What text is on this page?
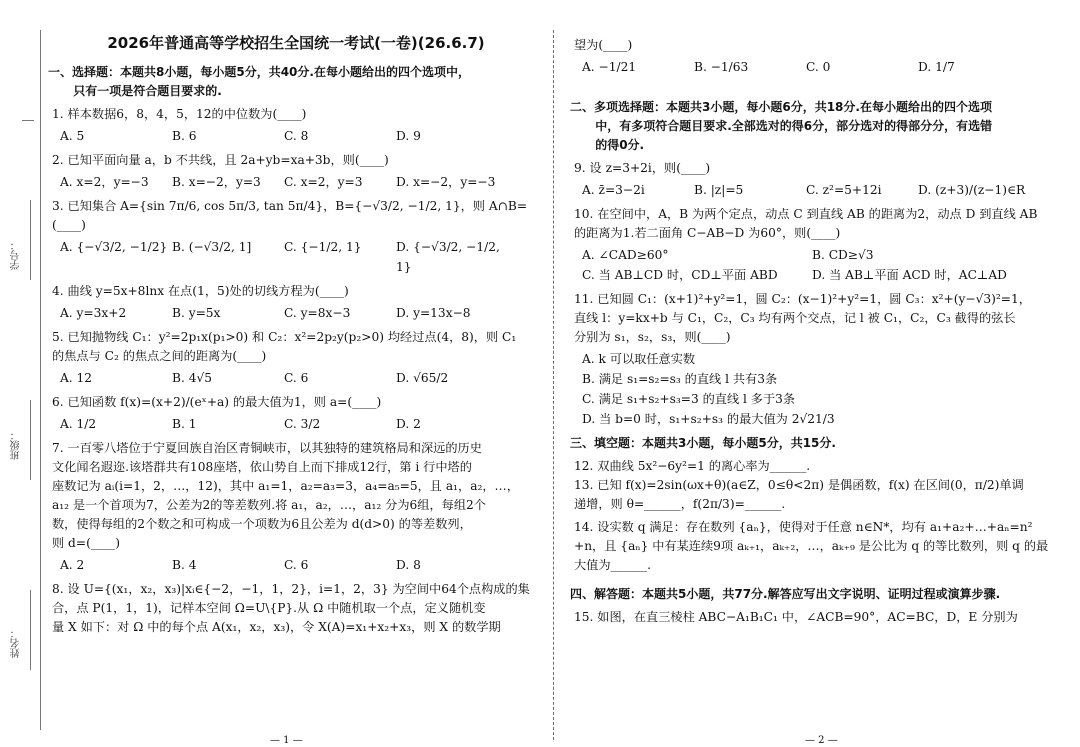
学号：
班级：
姓名：
2026年普通高等学校招生全国统一考试(一卷)(26.6.7)
一、选择题：本题共8小题，每小题5分，共40分.在每小题给出的四个选项中，
只有一项是符合题目要求的.

1. 样本数据6，8，4，5，12的中位数为(____)

A. 5	B. 6	C. 8	D. 9

2. 已知平面向量 a，b 不共线，且 2a+yb=xa+3b，则(____)

A. x=2，y=−3	B. x=−2，y=3	C. x=2，y=3	D. x=−2，y=−3

3. 已知集合 A={sin 7π/6, cos 5π/3, tan 5π/4}，B={−√3/2, −1/2, 1}，则 A∩B=

(____)

A. {−√3/2, −1/2} B. (−√3/2, 1]	C. {−1/2, 1}	D. {−√3/2, −1/2, 1}

4. 曲线 y=5x+8lnx 在点(1，5)处的切线方程为(____)

A. y=3x+2	B. y=5x	C. y=8x−3	D. y=13x−8

5. 已知抛物线 C₁：y²=2p₁x(p₁>0) 和 C₂：x²=2p₂y(p₂>0) 均经过点(4，8)，则 C₁

的焦点与 C₂ 的焦点之间的距离为(____)

A. 12	B. 4√5	C. 6	D. √65/2

6. 已知函数 f(x)=(x+2)/(eˣ+a) 的最大值为1，则 a=(____)

A. 1/2	B. 1	C. 3/2	D. 2

7. 一百零八塔位于宁夏回族自治区青铜峡市，以其独特的建筑格局和深远的历史

文化闻名遐迩.该塔群共有108座塔，依山势自上而下排成12行，第 i 行中塔的

座数记为 aᵢ(i=1，2，…，12)，其中 a₁=1，a₂=a₃=3，a₄=a₅=5，且 a₁，a₂，…，

a₁₂ 是一个首项为7，公差为2的等差数列.将 a₁，a₂，…，a₁₂ 分为6组，每组2个

数，使得每组的2个数之和可构成一个项数为6且公差为 d(d>0) 的等差数列，

则 d=(____)

A. 2	B. 4	C. 6	D. 8

8. 设 U={(x₁，x₂，x₃)|xᵢ∈{−2，−1，1，2}，i=1，2，3} 为空间中64个点构成的集

合，点 P(1，1，1)，记样本空间 Ω=U\{P}.从 Ω 中随机取一个点，定义随机变

量 X 如下：对 Ω 中的每个点 A(x₁，x₂，x₃)，令 X(A)=x₁+x₂+x₃，则 X 的数学期

望为(____)

A. −1/21	B. −1/63	C. 0	D. 1/7
二、多项选择题：本题共3小题，每小题6分，共18分.在每小题给出的四个选项
中，有多项符合题目要求.全部选对的得6分，部分选对的得部分分，有选错
的得0分.

9. 设 z=3+2i，则(____)

A. z̄=3−2i	B. |z|=5	C. z²=5+12i	D. (z+3)/(z−1)∈R

10. 在空间中，A，B 为两个定点，动点 C 到直线 AB 的距离为2，动点 D 到直线 AB

的距离为1.若二面角 C−AB−D 为60°，则(____)

A. ∠CAD≥60°	B. CD≥√3
C. 当 AB⊥CD 时，CD⊥平面 ABD	D. 当 AB⊥平面 ACD 时，AC⊥AD

11. 已知圆 C₁：(x+1)²+y²=1，圆 C₂：(x−1)²+y²=1，圆 C₃：x²+(y−√3)²=1，

直线 l：y=kx+b 与 C₁，C₂，C₃ 均有两个交点，记 l 被 C₁，C₂，C₃ 截得的弦长

分别为 s₁，s₂，s₃，则(____)

A. k 可以取任意实数
B. 满足 s₁=s₂=s₃ 的直线 l 共有3条
C. 满足 s₁+s₂+s₃=3 的直线 l 多于3条
D. 当 b=0 时，s₁+s₂+s₃ 的最大值为 2√21/3
三、填空题：本题共3小题，每小题5分，共15分.

12. 双曲线 5x²−6y²=1 的离心率为______.

13. 已知 f(x)=2sin(ωx+θ)(a∈Z，0≤θ<2π) 是偶函数，f(x) 在区间(0，π/2)单调

递增，则 θ=______，f(2π/3)=______.

14. 设实数 q 满足：存在数列 {aₙ}，使得对于任意 n∈N*，均有 a₁+a₂+…+aₙ=n²

+n，且 {aₙ} 中有某连续9项 aₖ₊₁，aₖ₊₂，…，aₖ₊₉ 是公比为 q 的等比数列，则 q 的最

大值为______.

四、解答题：本题共5小题，共77分.解答应写出文字说明、证明过程或演算步骤.

15. 如图，在直三棱柱 ABC−A₁B₁C₁ 中，∠ACB=90°，AC=BC，D，E 分别为

— 1 —	— 2 —
